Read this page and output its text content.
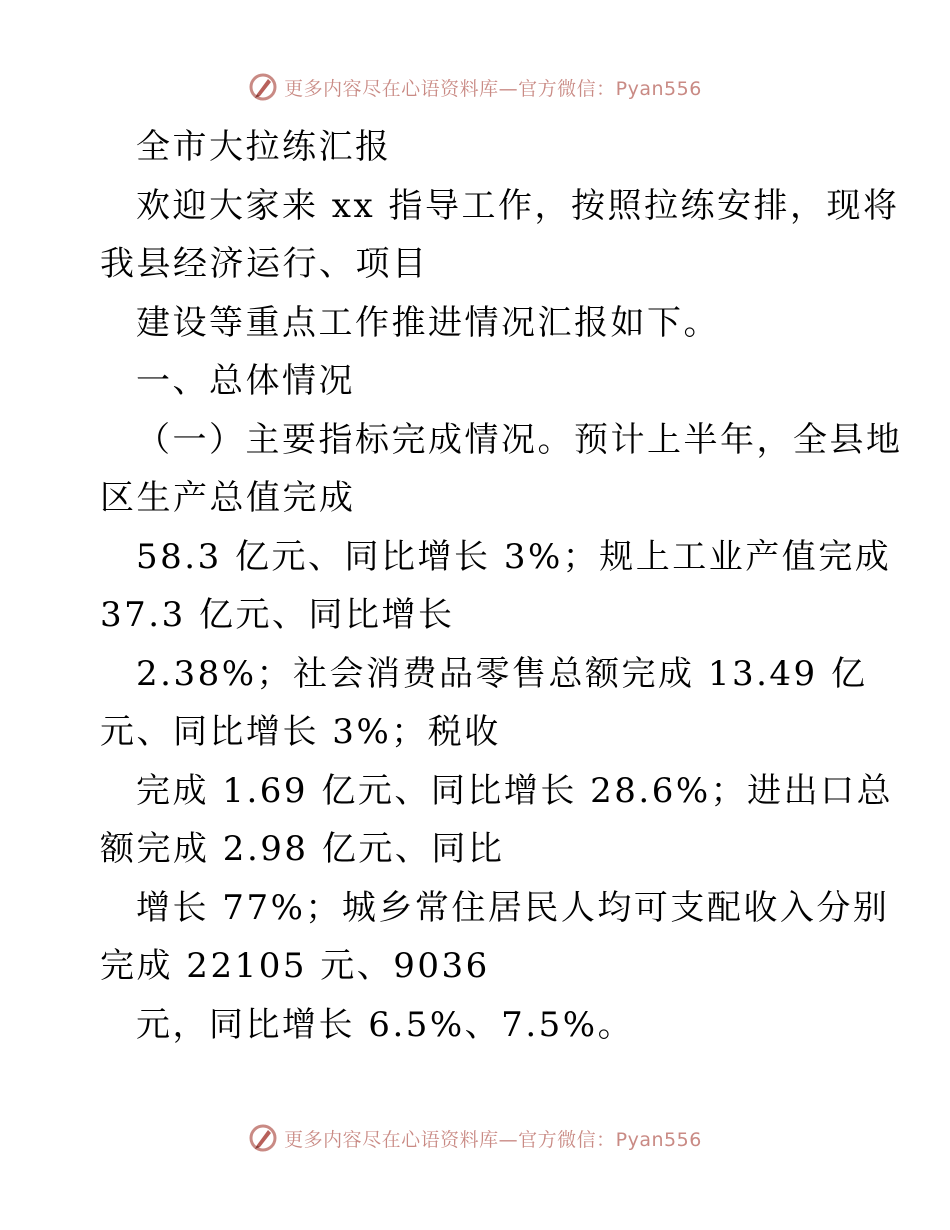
更多内容尽在心语资料库—官方微信：Pyan556
全市大拉练汇报
欢迎大家来 xx 指导工作，按照拉练安排，现将
我县经济运行、项目
建设等重点工作推进情况汇报如下。
一、总体情况
（一）主要指标完成情况。预计上半年，全县地
区生产总值完成
58.3 亿元、同比增长 3%；规上工业产值完成
37.3 亿元、同比增长
2.38%；社会消费品零售总额完成 13.49 亿
元、同比增长 3%；税收
完成 1.69 亿元、同比增长 28.6%；进出口总
额完成 2.98 亿元、同比
增长 77%；城乡常住居民人均可支配收入分别
完成 22105 元、9036
元，同比增长 6.5%、7.5%。
更多内容尽在心语资料库—官方微信：Pyan556
